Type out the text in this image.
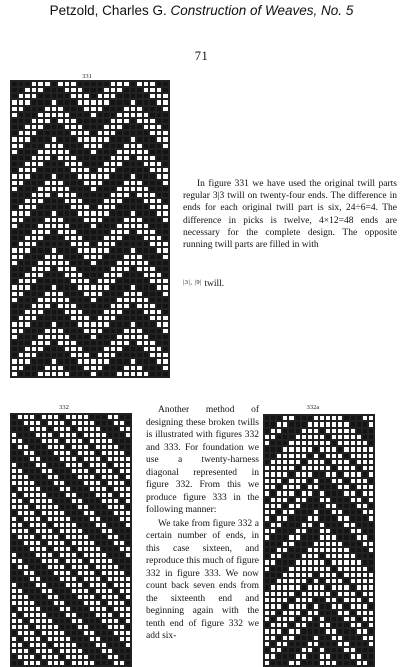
Petzold, Charles G. Construction of Weaves, No. 5
71
331
In figure 331 we have used the original twill parts regular 3|3 twill on twenty-four ends. The difference in ends for each original twill part is six, 24÷6=4. The difference in picks is twelve, 4×12=48 ends are necessary for the complete design. The opposite running twill parts are filled in with
$^{|3|, |9|}$ twill.
332	332a

Another method of designing these broken twills is illustrated with figures 332 and 333. For foundation we use a twenty-harness diagonal represented in figure 332. From this we produce figure 333 in the following manner:

We take from figure 332 a certain number of ends, in this case sixteen, and reproduce this much of figure 332 in figure 333. We now count back seven ends from the sixteenth end and beginning again with the tenth end of figure 332 we add six-
